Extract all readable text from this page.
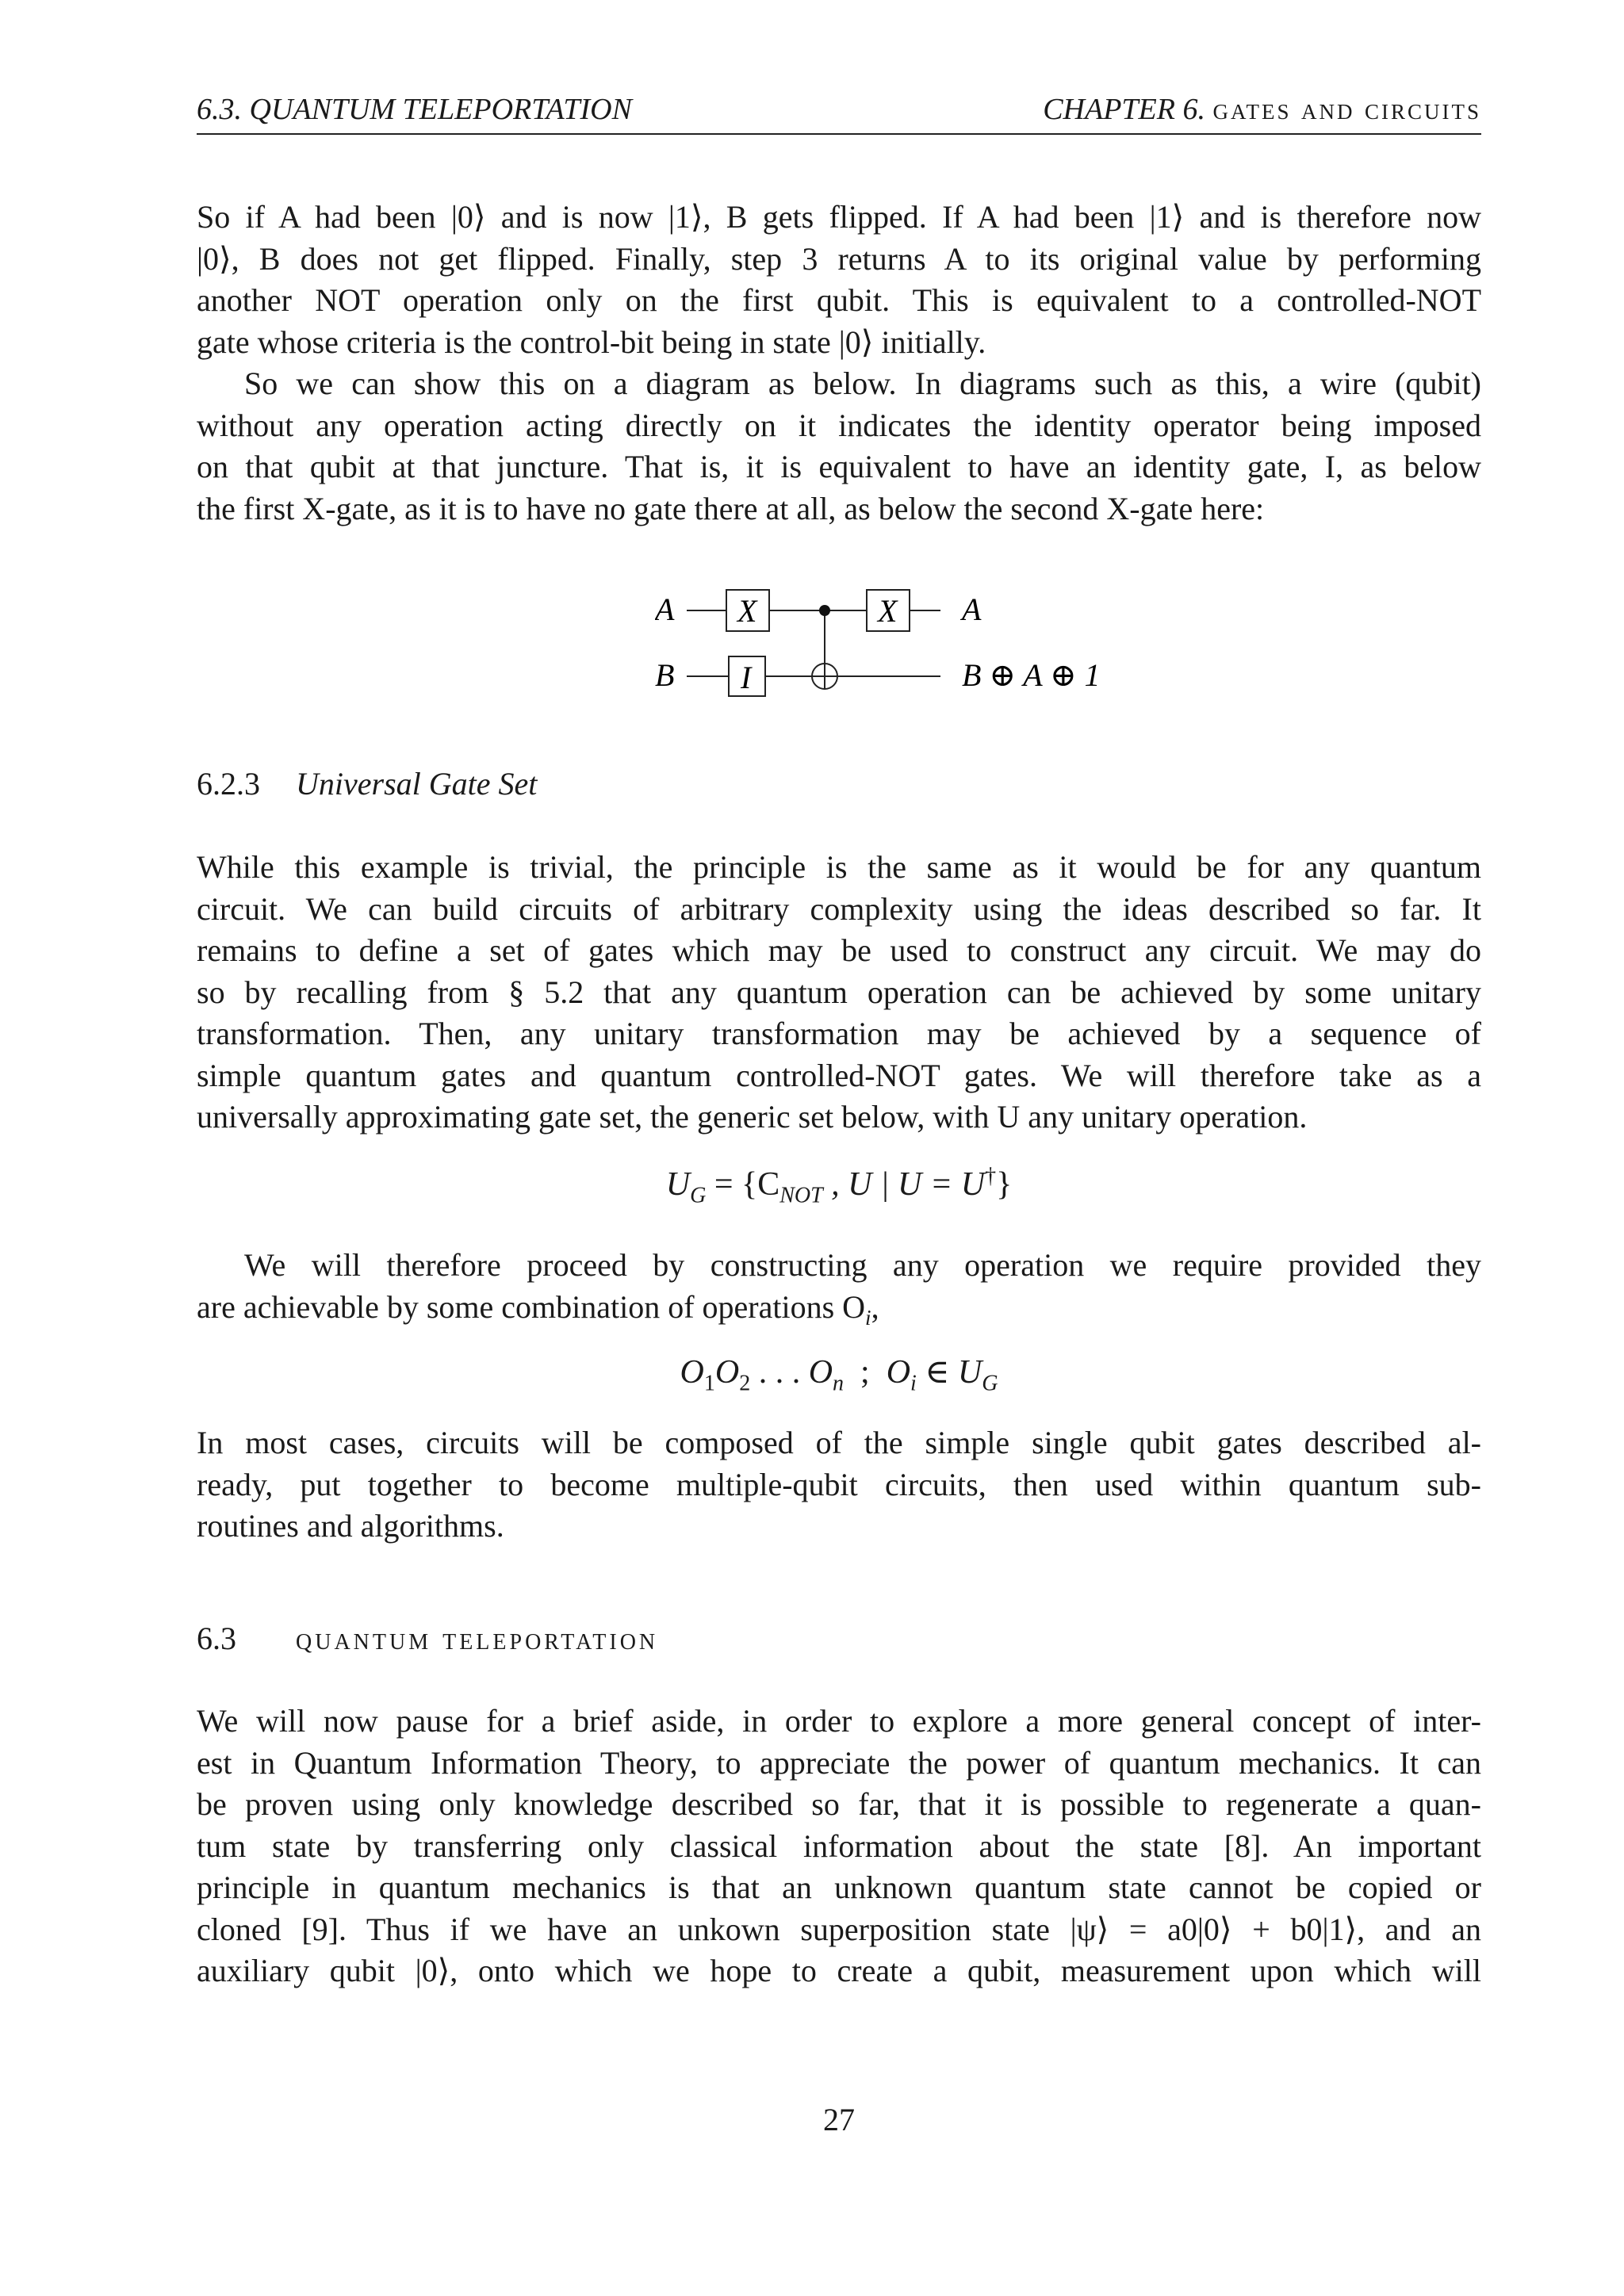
6.3. QUANTUM TELEPORTATION	CHAPTER 6. gates and circuits
So if A had been |0⟩ and is now |1⟩, B gets flipped. If A had been |1⟩ and is therefore now
|0⟩, B does not get flipped. Finally, step 3 returns A to its original value by performing
another NOT operation only on the first qubit. This is equivalent to a controlled-NOT
gate whose criteria is the control-bit being in state |0⟩ initially.
So we can show this on a diagram as below. In diagrams such as this, a wire (qubit)
without any operation acting directly on it indicates the identity operator being imposed
on that qubit at that juncture. That is, it is equivalent to have an identity gate, I, as below
the first X-gate, as it is to have no gate there at all, as below the second X-gate here:
A
B
X
I
X A
B ⊕ A ⊕ 1
6.2.3 Universal Gate Set
While this example is trivial, the principle is the same as it would be for any quantum
circuit. We can build circuits of arbitrary complexity using the ideas described so far. It
remains to define a set of gates which may be used to construct any circuit. We may do
so by recalling from § 5.2 that any quantum operation can be achieved by some unitary
transformation. Then, any unitary transformation may be achieved by a sequence of
simple quantum gates and quantum controlled-NOT gates. We will therefore take as a
universally approximating gate set, the generic set below, with U any unitary operation.
$U_G = \{C_{NOT}$ , U | U = U†}
We will therefore proceed by constructing any operation we require provided they
are achievable by some combination of operations $O_i$,
$O_1O_2$ . . . $O_n$  ;  $O_i$ ∈ $U_G$
In most cases, circuits will be composed of the simple single qubit gates described al-
ready, put together to become multiple-qubit circuits, then used within quantum sub-
routines and algorithms.
6.3 quantum teleportation
We will now pause for a brief aside, in order to explore a more general concept of inter-
est in Quantum Information Theory, to appreciate the power of quantum mechanics. It can
be proven using only knowledge described so far, that it is possible to regenerate a quan-
tum state by transferring only classical information about the state [8]. An important
principle in quantum mechanics is that an unknown quantum state cannot be copied or
cloned [9]. Thus if we have an unkown superposition state |ψ⟩ = a0|0⟩ + b0|1⟩, and an
auxiliary qubit |0⟩, onto which we hope to create a qubit, measurement upon which will
27
